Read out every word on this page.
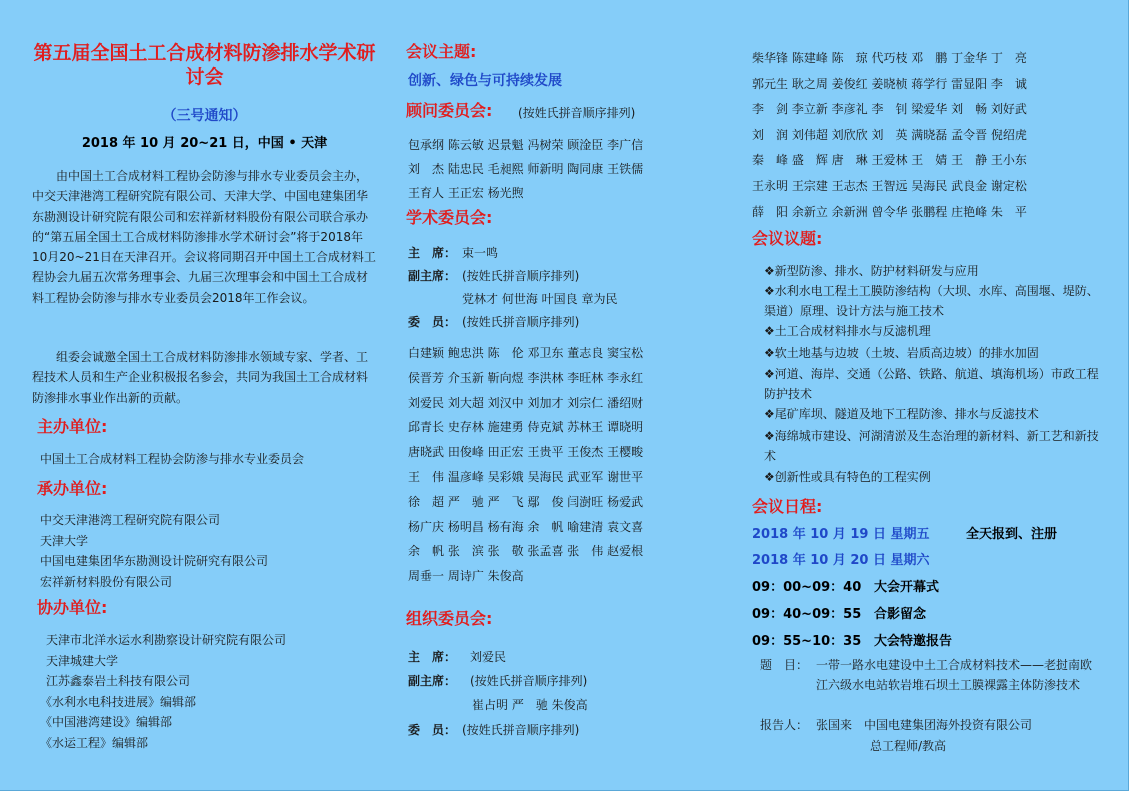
第五届全国土工合成材料防渗排水学术研讨会
（三号通知）
2018 年 10 月 20~21 日，中国 • 天津
由中国土工合成材料工程协会防渗与排水专业委员会主办，中交天津港湾工程研究院有限公司、天津大学、中国电建集团华东勘测设计研究院有限公司和宏祥新材料股份有限公司联合承办的“第五届全国土工合成材料防渗排水学术研讨会”将于2018年10月20~21日在天津召开。会议将同期召开中国土工合成材料工程协会九届五次常务理事会、九届三次理事会和中国土工合成材料工程协会防渗与排水专业委员会2018年工作会议。
组委会诚邀全国土工合成材料防渗排水领域专家、学者、工程技术人员和生产企业积极报名参会，共同为我国土工合成材料防渗排水事业作出新的贡献。
主办单位:
中国土工合成材料工程协会防渗与排水专业委员会
承办单位:
中交天津港湾工程研究院有限公司
天津大学
中国电建集团华东勘测设计院研究有限公司
宏祥新材料股份有限公司
协办单位:
天津市北洋水运水利勘察设计研究院有限公司
天津城建大学
江苏鑫泰岩土科技有限公司
《水利水电科技进展》编辑部
《中国港湾建设》编辑部
《水运工程》编辑部
会议主题:
创新、绿色与可持续发展
顾问委员会: (按姓氏拼音顺序排列)
包承纲 陈云敏 迟景魁 冯树荣 顾淦臣 李广信
刘　杰 陆忠民 毛昶熙 师新明 陶同康 王铁儒
王育人 王正宏 杨光煦
学术委员会:
主　席： 束一鸣
副主席： (按姓氏拼音顺序排列)
党林才 何世海 叶国良 章为民
委　员： (按姓氏拼音顺序排列)
白建颖 鲍忠洪 陈　伦 邓卫东 董志良 窦宝松
侯晋芳 介玉新 靳向煜 李洪林 李旺林 李永红
刘爱民 刘大超 刘汉中 刘加才 刘宗仁 潘绍财
邱青长 史存林 施建勇 侍克斌 苏林王 谭晓明
唐晓武 田俊峰 田正宏 王贵平 王俊杰 王樱畯
王　伟 温彦峰 吴彩娥 吴海民 武亚军 谢世平
徐　超 严　驰 严　飞 鄢　俊 闫澍旺 杨爱武
杨广庆 杨明昌 杨有海 余　帆 喻建清 袁文喜
余　帆 张　滨 张　敬 张孟喜 张　伟 赵爱根
周垂一 周诗广 朱俊高
组织委员会:
主　席： 刘爱民
副主席： (按姓氏拼音顺序排列)
崔占明 严　驰 朱俊高
委　员： (按姓氏拼音顺序排列)
柴华锋 陈建峰 陈　琼 代巧枝 邓　鹏 丁金华 丁　亮
郭元生 耿之周 姜俊红 姜晓桢 蒋学行 雷显阳 李　诚
李　剑 李立新 李彦礼 李　钊 梁爱华 刘　畅 刘好武
刘　润 刘伟超 刘欣欣 刘　英 满晓磊 孟令晋 倪绍虎
秦　峰 盛　辉 唐　琳 王爱林 王　婧 王　静 王小东
王永明 王宗建 王志杰 王智远 吴海民 武良金 谢定松
薛　阳 余新立 余新洲 曾令华 张鹏程 庄艳峰 朱　平
会议议题:
❖新型防渗、排水、防护材料研发与应用
❖水利水电工程土工膜防渗结构（大坝、水库、高围堰、堤防、渠道）原理、设计方法与施工技术
❖土工合成材料排水与反滤机理
❖软土地基与边坡（土坡、岩质高边坡）的排水加固
❖河道、海岸、交通（公路、铁路、航道、填海机场）市政工程防护技术
❖尾矿库坝、隧道及地下工程防渗、排水与反滤技术
❖海绵城市建设、河湖清淤及生态治理的新材料、新工艺和新技术
❖创新性或具有特色的工程实例
会议日程:
2018 年 10 月 19 日 星期五	全天报到、注册
2018 年 10 月 20 日 星期六
09：00~09：40 大会开幕式
09：40~09：55 合影留念
09：55~10：35 大会特邀报告
题　目： 一带一路水电建设中土工合成材料技术——老挝南欧江六级水电站软岩堆石坝土工膜裸露主体防渗技术
报告人： 张国来　中国电建集团海外投资有限公司
总工程师/教高
